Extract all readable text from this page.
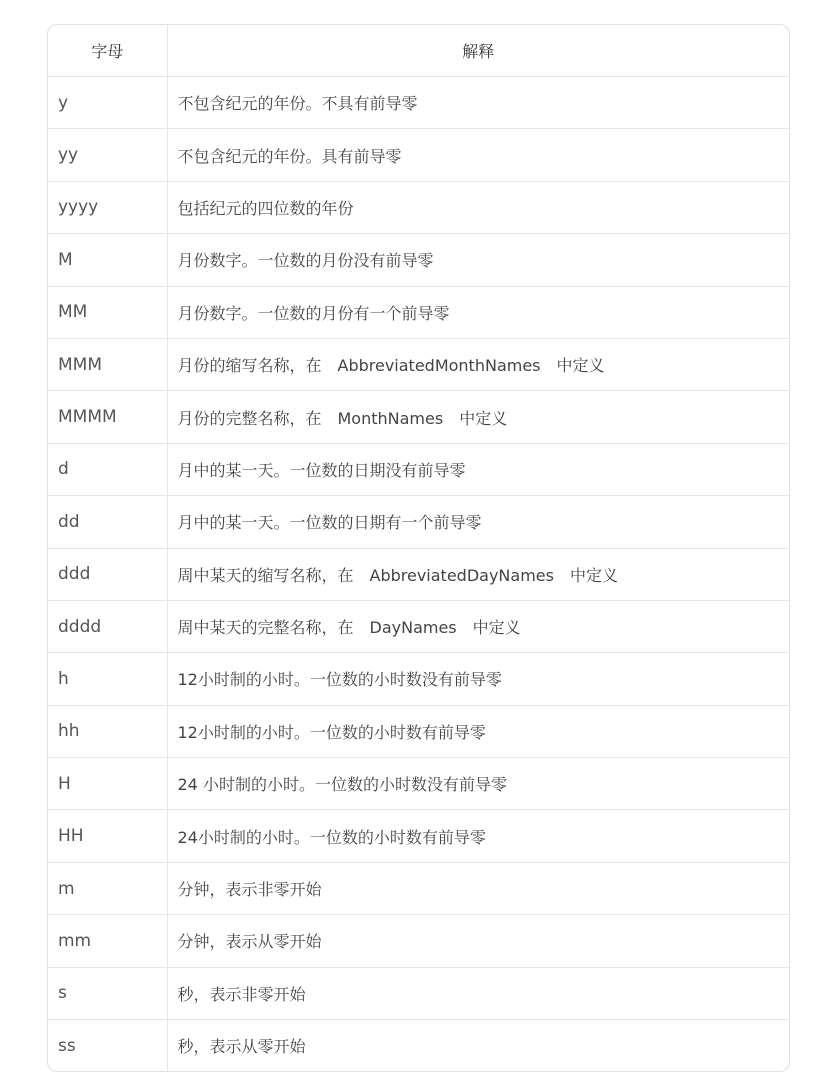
字母	解释
y	不包含纪元的年份。不具有前导零
yy	不包含纪元的年份。具有前导零
yyyy	包括纪元的四位数的年份
M	月份数字。一位数的月份没有前导零
MM	月份数字。一位数的月份有一个前导零
MMM	月份的缩写名称，在　AbbreviatedMonthNames　中定义
MMMM	月份的完整名称，在　MonthNames　中定义
d	月中的某一天。一位数的日期没有前导零
dd	月中的某一天。一位数的日期有一个前导零
ddd	周中某天的缩写名称，在　AbbreviatedDayNames　中定义
dddd	周中某天的完整名称，在　DayNames　中定义
h	12小时制的小时。一位数的小时数没有前导零
hh	12小时制的小时。一位数的小时数有前导零
H	24 小时制的小时。一位数的小时数没有前导零
HH	24小时制的小时。一位数的小时数有前导零
m	分钟，表示非零开始
mm	分钟，表示从零开始
s	秒，表示非零开始
ss	秒，表示从零开始
